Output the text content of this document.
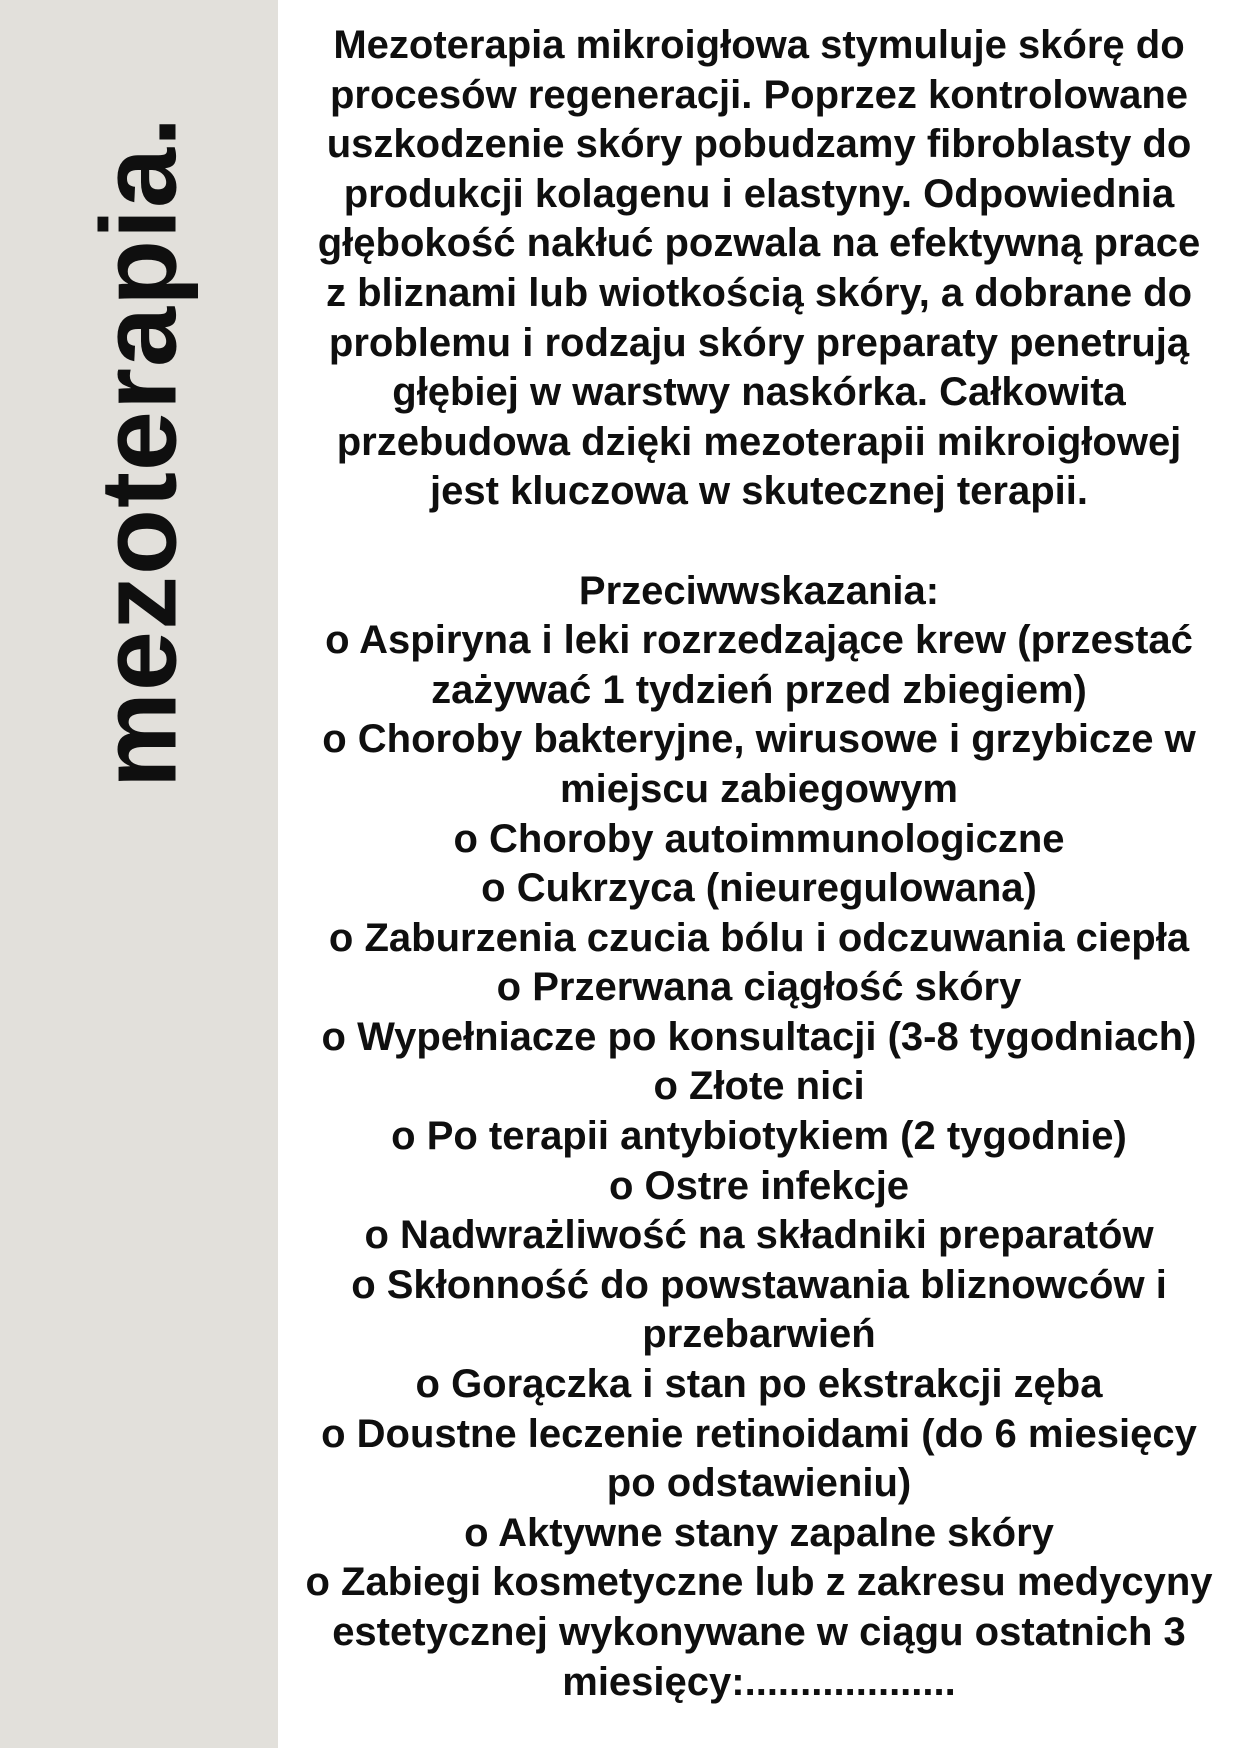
mezoterapia.
Mezoterapia mikroigłowa stymuluje skórę do
procesów regeneracji. Poprzez kontrolowane
uszkodzenie skóry pobudzamy fibroblasty do
produkcji kolagenu i elastyny. Odpowiednia
głębokość nakłuć pozwala na efektywną prace
z bliznami lub wiotkością skóry, a dobrane do
problemu i rodzaju skóry preparaty penetrują
głębiej w warstwy naskórka. Całkowita
przebudowa dzięki mezoterapii mikroigłowej
jest kluczowa w skutecznej terapii.
Przeciwwskazania:
o Aspiryna i leki rozrzedzające krew (przestać
zażywać 1 tydzień przed zbiegiem)
o Choroby bakteryjne, wirusowe i grzybicze w
miejscu zabiegowym
o Choroby autoimmunologiczne
o Cukrzyca (nieuregulowana)
o Zaburzenia czucia bólu i odczuwania ciepła
o Przerwana ciągłość skóry
o Wypełniacze po konsultacji (3-8 tygodniach)
o Złote nici
o Po terapii antybiotykiem (2 tygodnie)
o Ostre infekcje
o Nadwrażliwość na składniki preparatów
o Skłonność do powstawania bliznowców i
przebarwień
o Gorączka i stan po ekstrakcji zęba
o Doustne leczenie retinoidami (do 6 miesięcy
po odstawieniu)
o Aktywne stany zapalne skóry
o Zabiegi kosmetyczne lub z zakresu medycyny
estetycznej wykonywane w ciągu ostatnich 3
miesięcy:...................
